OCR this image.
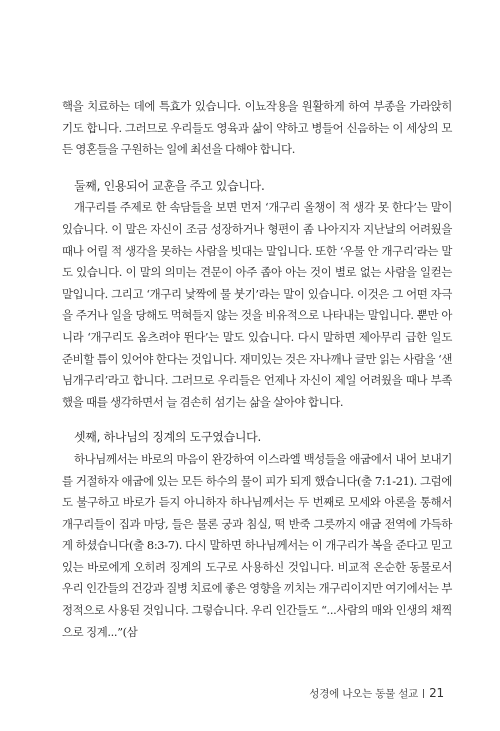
핵을 치료하는 데에 특효가 있습니다. 이뇨작용을 원활하게 하여 부종을 가라앉히기도 합니다. 그러므로 우리들도 영육과 삶이 약하고 병들어 신음하는 이 세상의 모든 영혼들을 구원하는 일에 최선을 다해야 합니다.

둘째, 인용되어 교훈을 주고 있습니다.

개구리를 주제로 한 속담들을 보면 먼저 ‘개구리 올챙이 적 생각 못 한다’는 말이 있습니다. 이 말은 자신이 조금 성장하거나 형편이 좀 나아지자 지난날의 어려웠을 때나 어릴 적 생각을 못하는 사람을 빗대는 말입니다. 또한 ‘우물 안 개구리’라는 말도 있습니다. 이 말의 의미는 견문이 아주 좁아 아는 것이 별로 없는 사람을 일컫는 말입니다. 그리고 ‘개구리 낯짝에 물 붓기’라는 말이 있습니다. 이것은 그 어떤 자극을 주거나 일을 당해도 먹혀들지 않는 것을 비유적으로 나타내는 말입니다. 뿐만 아니라 ‘개구리도 옴츠려야 뛴다’는 말도 있습니다. 다시 말하면 제아무리 급한 일도 준비할 틈이 있어야 한다는 것입니다. 재미있는 것은 자나깨나 글만 읽는 사람을 ‘샌님개구리’라고 합니다. 그러므로 우리들은 언제나 자신이 제일 어려웠을 때나 부족했을 때를 생각하면서 늘 겸손히 섬기는 삶을 살아야 합니다.

셋째, 하나님의 징계의 도구였습니다.

하나님께서는 바로의 마음이 완강하여 이스라엘 백성들을 애굽에서 내어 보내기를 거절하자 애굽에 있는 모든 하수의 물이 피가 되게 했습니다(출 7:1-21). 그럼에도 불구하고 바로가 듣지 아니하자 하나님께서는 두 번째로 모세와 아론을 통해서 개구리들이 집과 마당, 들은 물론 궁과 침실, 떡 반죽 그릇까지 애굽 전역에 가득하게 하셨습니다(출 8:3-7). 다시 말하면 하나님께서는 이 개구리가 복을 준다고 믿고 있는 바로에게 오히려 징계의 도구로 사용하신 것입니다. 비교적 온순한 동물로서 우리 인간들의 건강과 질병 치료에 좋은 영향을 끼치는 개구리이지만 여기에서는 부정적으로 사용된 것입니다. 그렇습니다. 우리 인간들도 “...사람의 매와 인생의 채찍으로 징계...”(삼

성경에 나오는 동물 설교 21
